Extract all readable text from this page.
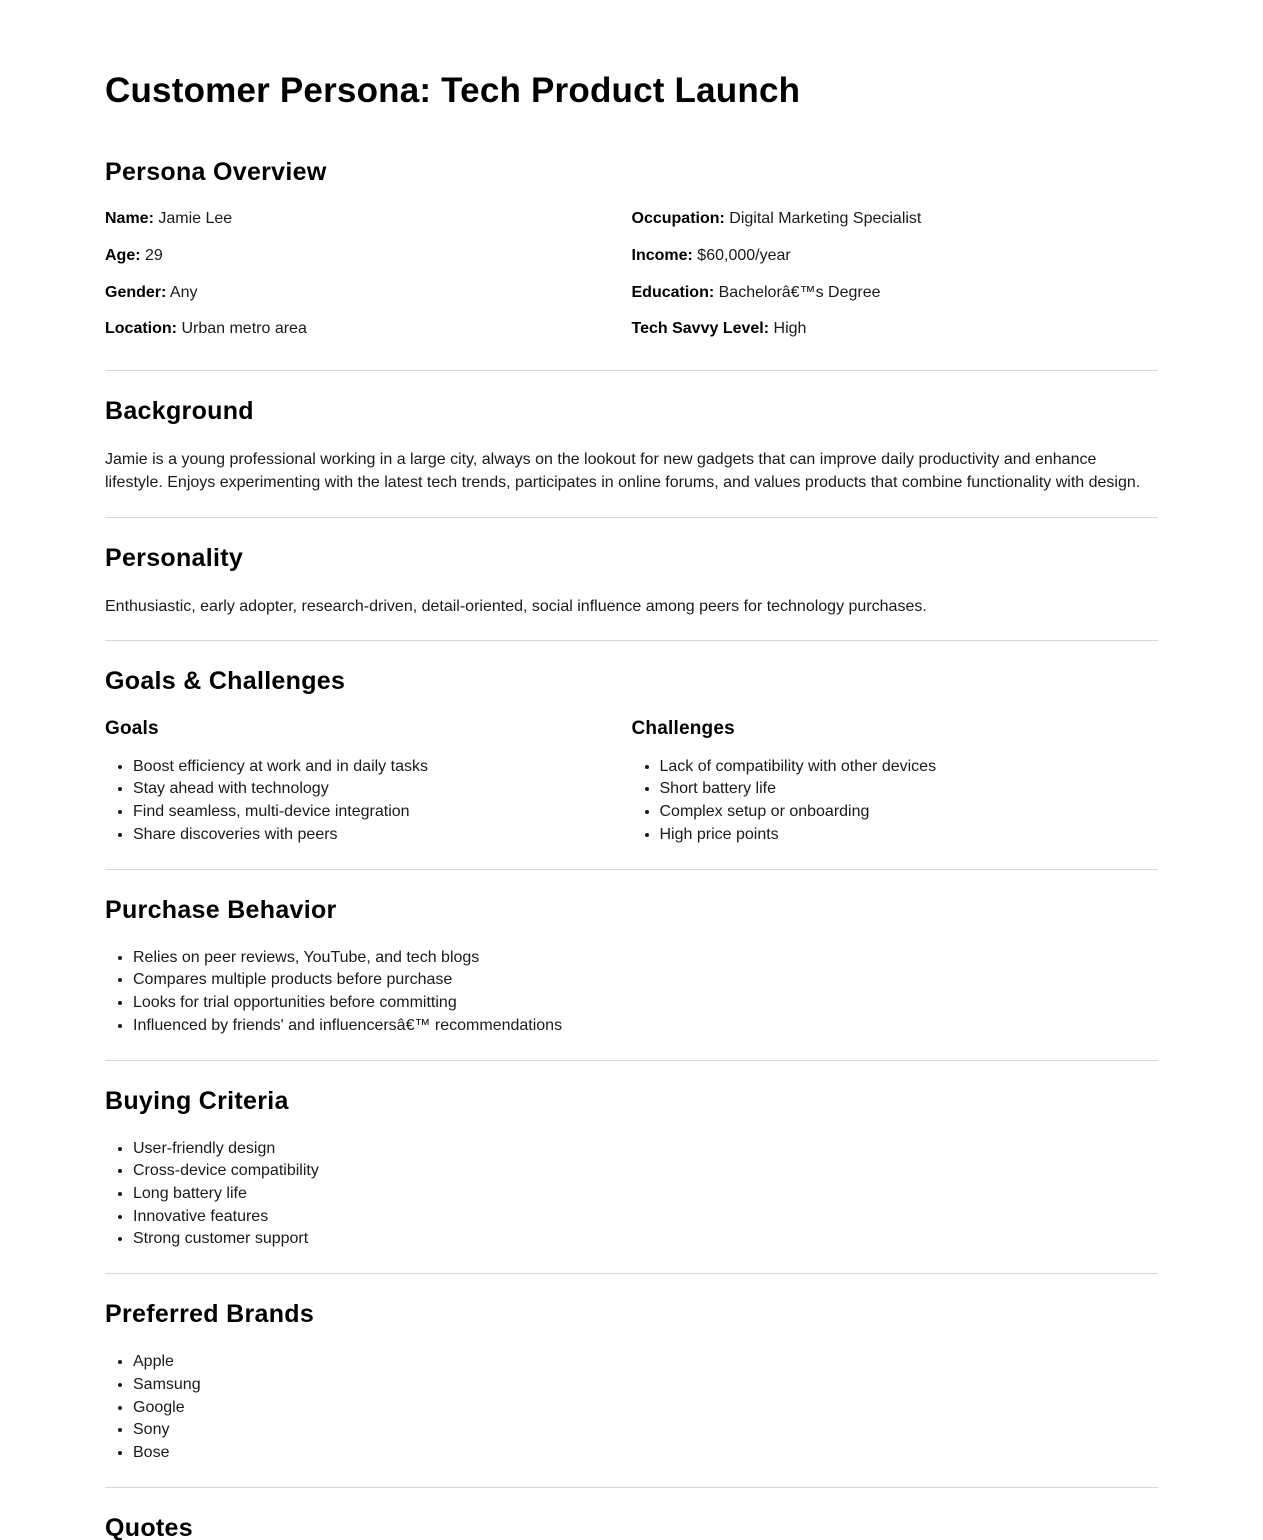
Customer Persona: Tech Product Launch
Persona Overview
Name: Jamie Lee
Age: 29
Gender: Any
Location: Urban metro area
Occupation: Digital Marketing Specialist
Income: $60,000/year
Education: Bachelorâ€™s Degree
Tech Savvy Level: High
Background

Jamie is a young professional working in a large city, always on the lookout for new gadgets that can improve daily productivity and enhance lifestyle. Enjoys experimenting with the latest tech trends, participates in online forums, and values products that combine functionality with design.

Personality

Enthusiastic, early adopter, research-driven, detail-oriented, social influence among peers for technology purchases.

Goals & Challenges
Goals
• Boost efficiency at work and in daily tasks
• Stay ahead with technology
• Find seamless, multi-device integration
• Share discoveries with peers
Challenges
• Lack of compatibility with other devices
• Short battery life
• Complex setup or onboarding
• High price points
Purchase Behavior
• Relies on peer reviews, YouTube, and tech blogs
• Compares multiple products before purchase
• Looks for trial opportunities before committing
• Influenced by friends' and influencersâ€™ recommendations
Buying Criteria
• User-friendly design
• Cross-device compatibility
• Long battery life
• Innovative features
• Strong customer support
Preferred Brands
• Apple
• Samsung
• Google
• Sony
• Bose
Quotes
